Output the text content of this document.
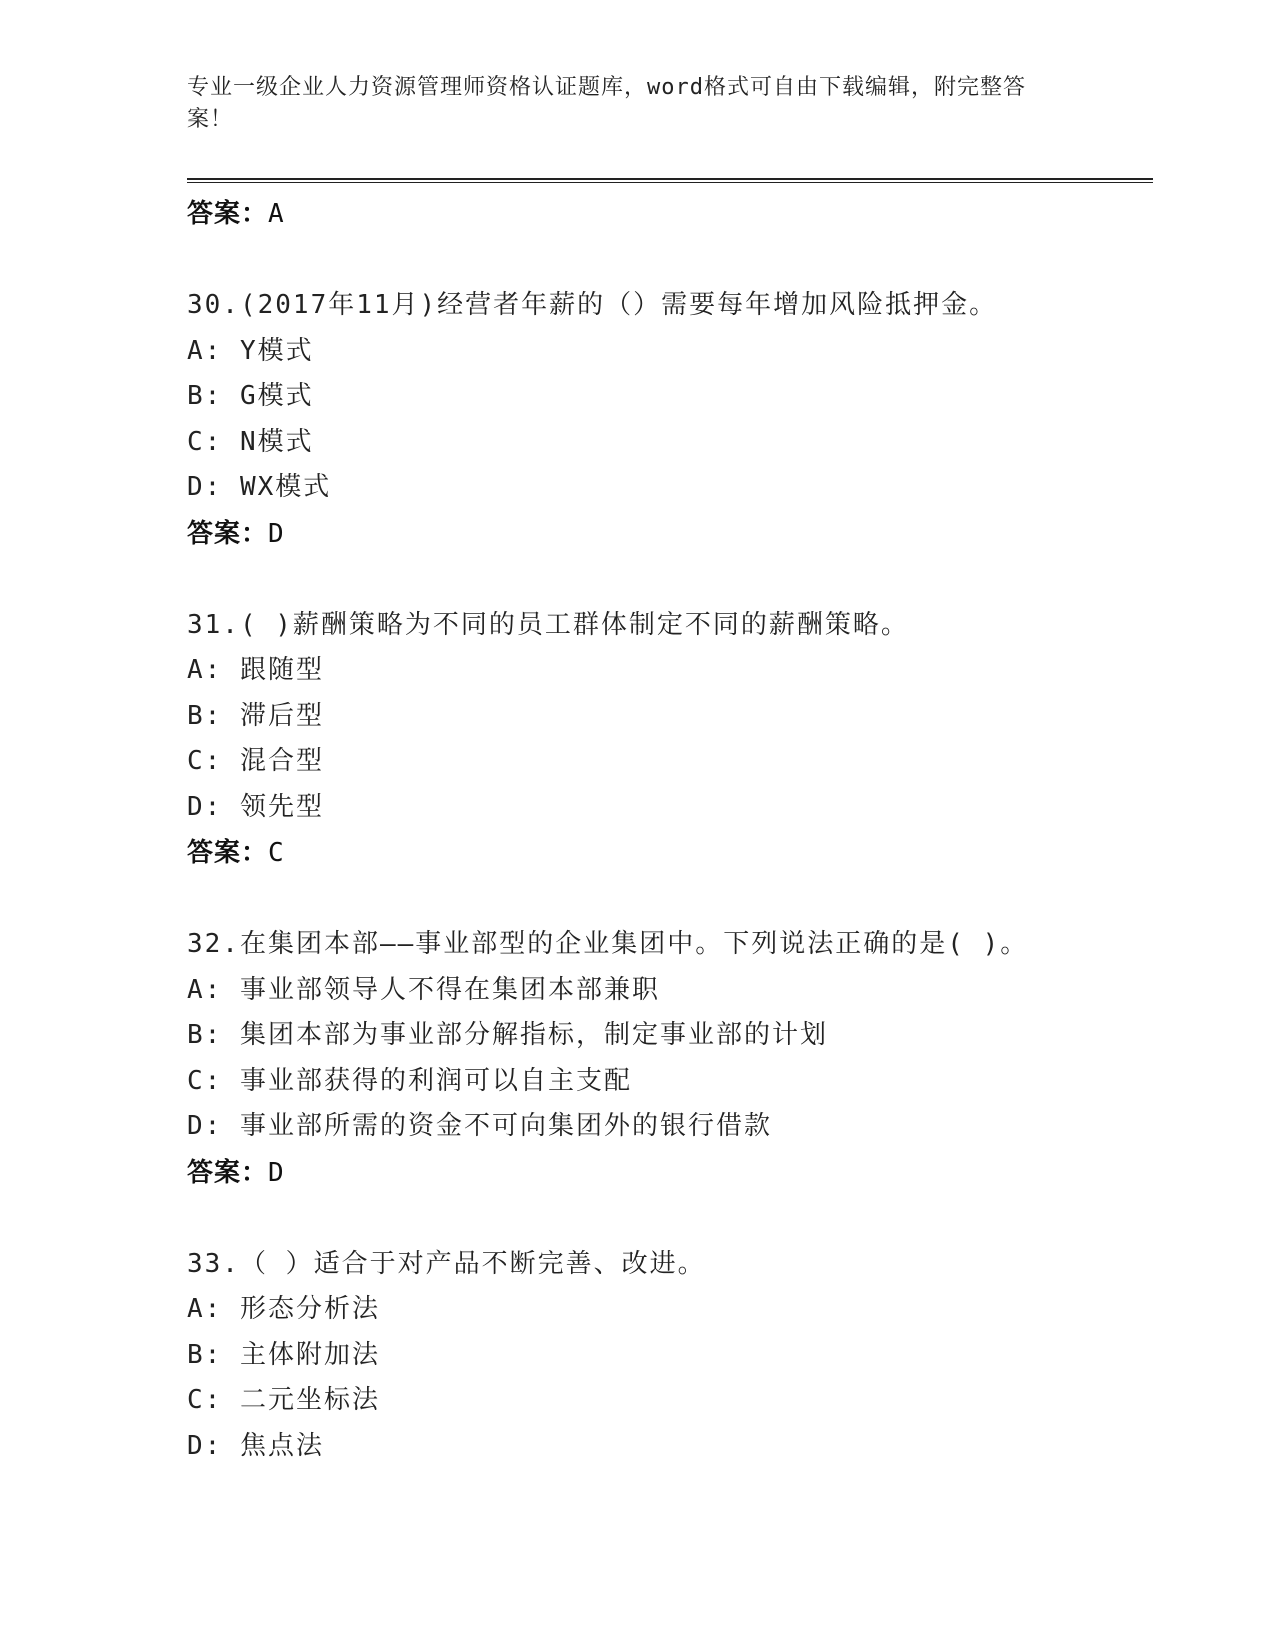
专业一级企业人力资源管理师资格认证题库，word格式可自由下载编辑，附完整答案！
答案：A
30.(2017年11月)经营者年薪的（）需要每年增加风险抵押金。
A: Y模式
B: G模式
C: N模式
D: WX模式
答案：D
31.( )薪酬策略为不同的员工群体制定不同的薪酬策略。
A: 跟随型
B: 滞后型
C: 混合型
D: 领先型
答案：C
32.在集团本部——事业部型的企业集团中。下列说法正确的是( )。
A: 事业部领导人不得在集团本部兼职
B: 集团本部为事业部分解指标，制定事业部的计划
C: 事业部获得的利润可以自主支配
D: 事业部所需的资金不可向集团外的银行借款
答案：D
33.（ ）适合于对产品不断完善、改进。
A: 形态分析法
B: 主体附加法
C: 二元坐标法
D: 焦点法
